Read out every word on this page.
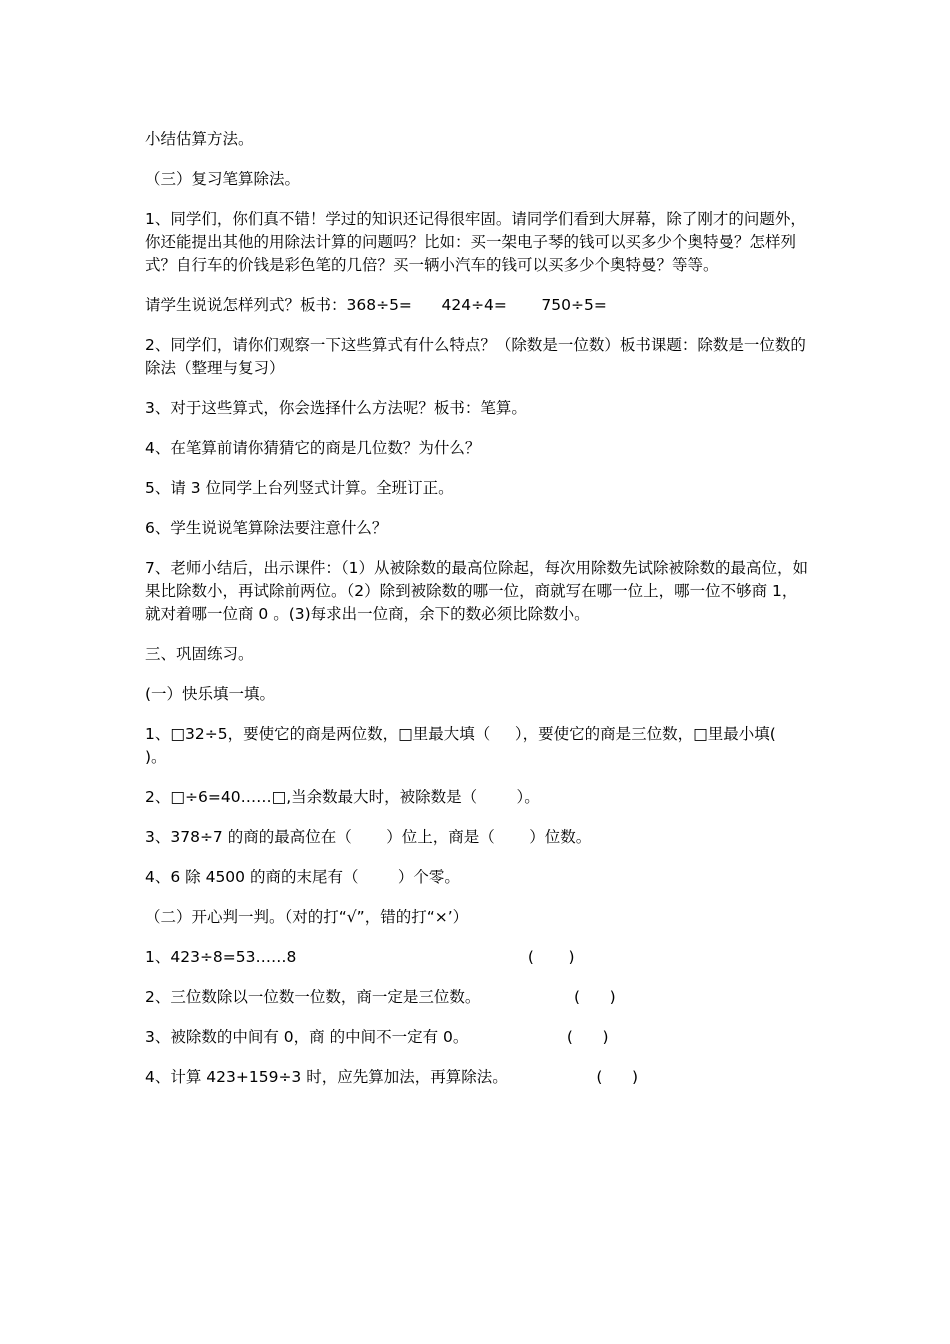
小结估算方法。

（三）复习笔算除法。

1、同学们，你们真不错！学过的知识还记得很牢固。请同学们看到大屏幕，除了刚才的问题外，你还能提出其他的用除法计算的问题吗？比如：买一架电子琴的钱可以买多少个奥特曼？怎样列式？自行车的价钱是彩色笔的几倍？买一辆小汽车的钱可以买多少个奥特曼？等等。

请学生说说怎样列式？板书：368÷5=      424÷4=       750÷5=

2、同学们，请你们观察一下这些算式有什么特点？（除数是一位数）板书课题：除数是一位数的除法（整理与复习）

3、对于这些算式，你会选择什么方法呢？板书：笔算。

4、在笔算前请你猜猜它的商是几位数？为什么？

5、请 3 位同学上台列竖式计算。全班订正。

6、学生说说笔算除法要注意什么？

7、老师小结后，出示课件：（1）从被除数的最高位除起，每次用除数先试除被除数的最高位，如果比除数小，再试除前两位。（2）除到被除数的哪一位，商就写在哪一位上，哪一位不够商 1，就对着哪一位商 0 。(3)每求出一位商，余下的数必须比除数小。

三、巩固练习。

(一）快乐填一填。

1、□32÷5，要使它的商是两位数，□里最大填（     ），要使它的商是三位数，□里最小填(       )。

2、□÷6=40……□,当余数最大时，被除数是（        ）。

3、378÷7 的商的最高位在（       ）位上，商是（       ）位数。

4、6 除 4500 的商的末尾有（        ）个零。

（二）开心判一判。（对的打“√”，错的打“×’）

1、423÷8=53……8                                               (       )

2、三位数除以一位数一位数，商一定是三位数。                   (      )

3、被除数的中间有 0，商 的中间不一定有 0。                    (      )

4、计算 423+159÷3 时，应先算加法，再算除法。                  (      )
